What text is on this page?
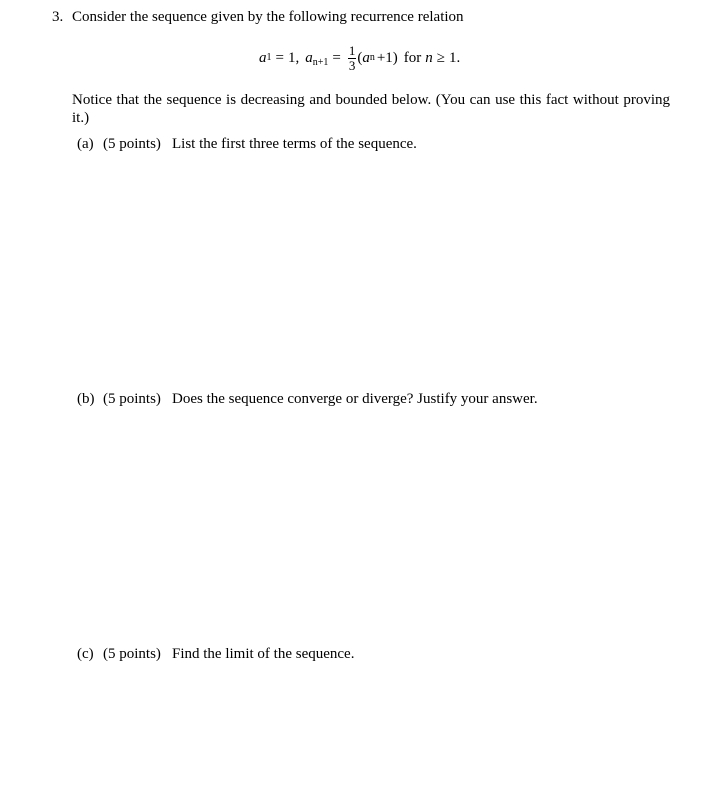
3. Consider the sequence given by the following recurrence relation
a 1 = 1, $a_{n+1} = \frac{1}{3}$ ( a n +1) for n ≥ 1.
Notice that the sequence is decreasing and bounded below. (You can use this fact without proving it.)
(a) (5 points) List the first three terms of the sequence.
(b) (5 points) Does the sequence converge or diverge? Justify your answer.
(c) (5 points) Find the limit of the sequence.
